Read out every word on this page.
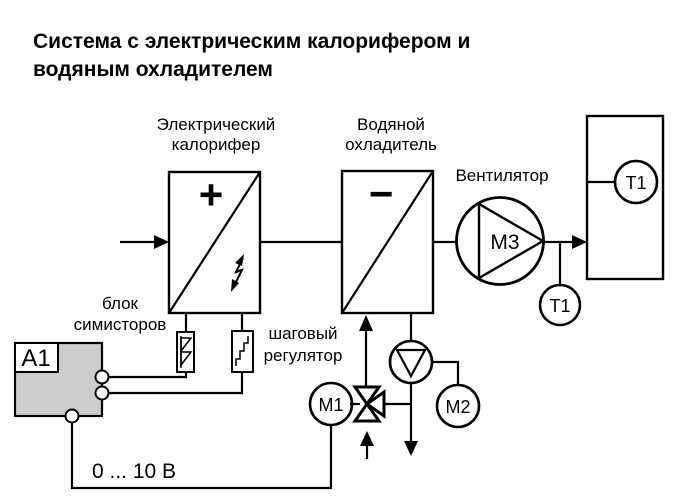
Система с электрическим калорифером и
водяным охладителем
Электрический
калорифер
Водяной
охладитель
Вентилятор
+	−
М3
Т1
Т1
блок
симисторов	шаговый
регулятор
A1
0 ... 10 В
М1	М2
